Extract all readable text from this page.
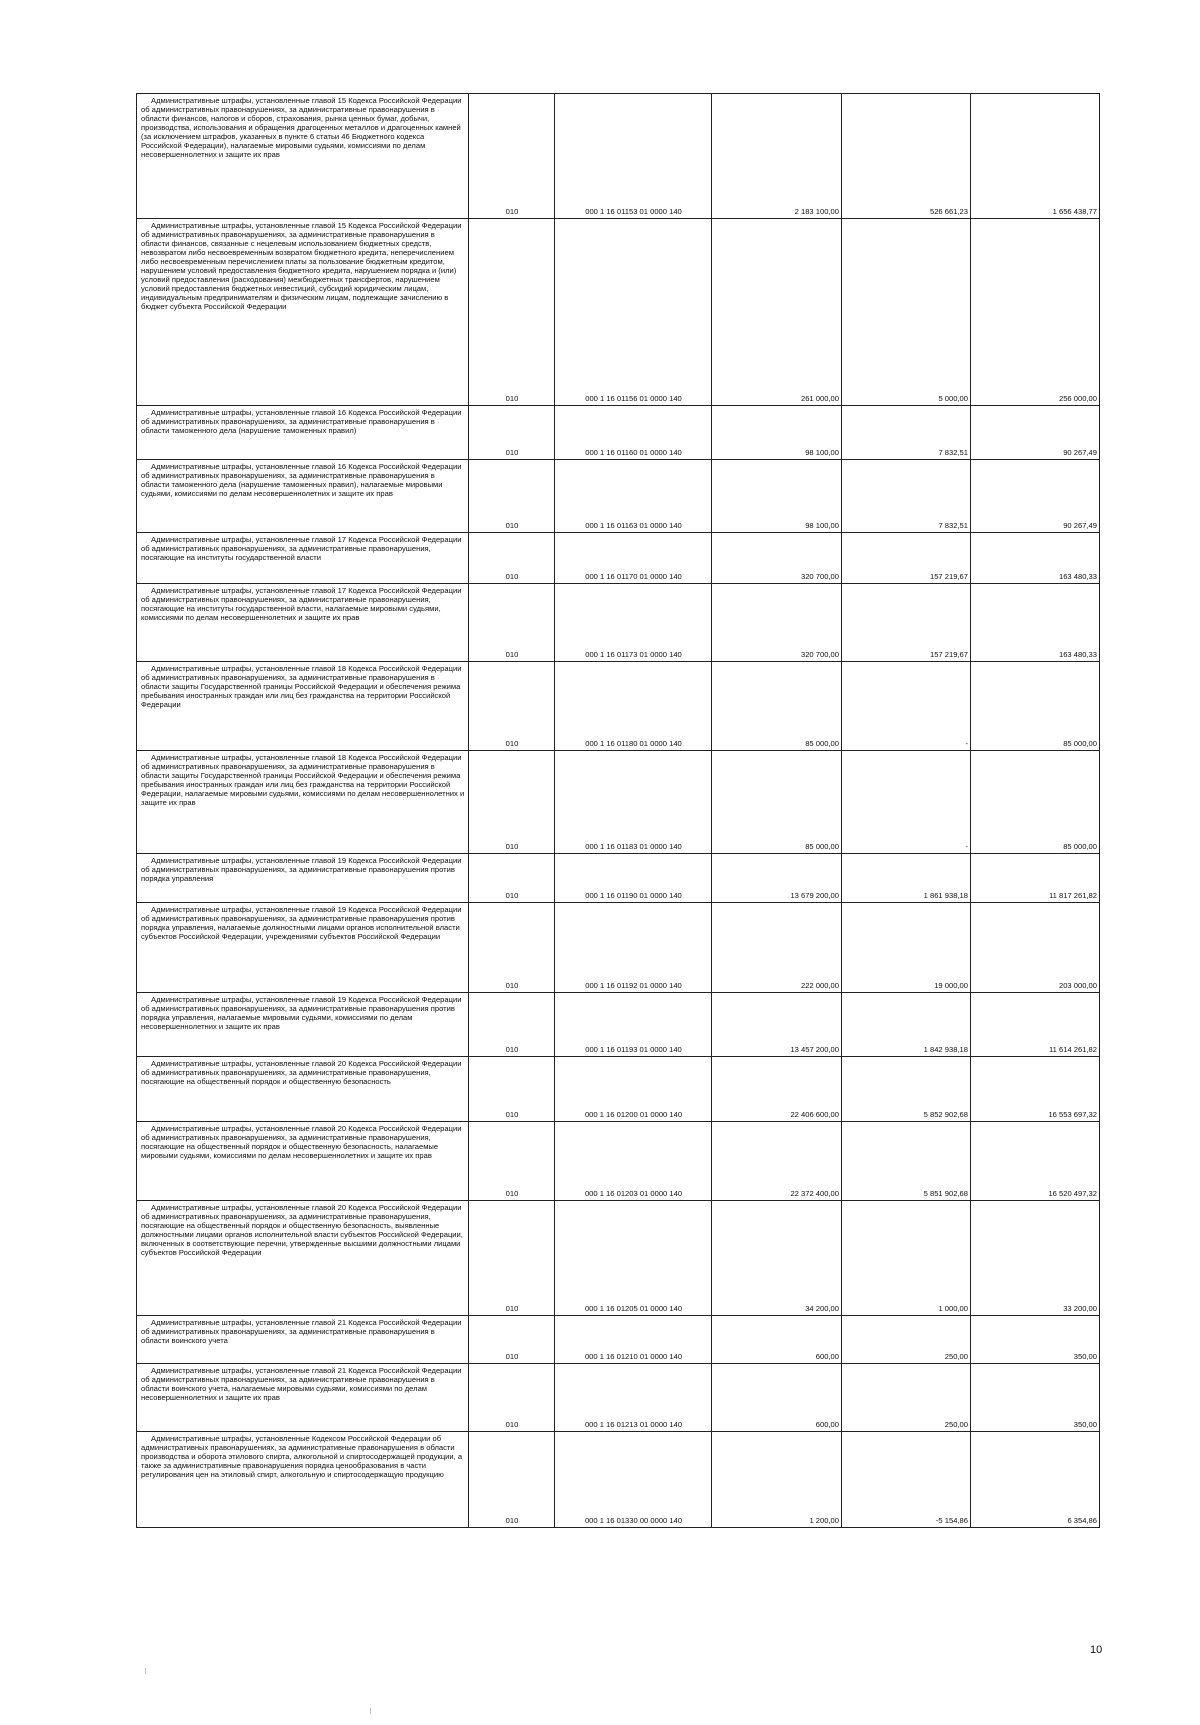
Административные штрафы, установленные главой 15 Кодекса Российской Федерации об административных правонарушениях, за административные правонарушения в области финансов, налогов и сборов, страхования, рынка ценных бумаг, добычи, производства, использования и обращения драгоценных металлов и драгоценных камней (за исключением штрафов, указанных в пункте 6 статьи 46 Бюджетного кодекса Российской Федерации), налагаемые мировыми судьями, комиссиями по делам несовершеннолетних и защите их прав	010	000 1 16 01153 01 0000 140	2 183 100,00	526 661,23	1 656 438,77
Административные штрафы, установленные главой 15 Кодекса Российской Федерации об административных правонарушениях, за административные правонарушения в области финансов, связанные с нецелевым использованием бюджетных средств, невозвратом либо несвоевременным возвратом бюджетного кредита, неперечислением либо несвоевременным перечислением платы за пользование бюджетным кредитом, нарушением условий предоставления бюджетного кредита, нарушением порядка и (или) условий предоставления (расходования) межбюджетных трансфертов, нарушением условий предоставления бюджетных инвестиций, субсидий юридическим лицам, индивидуальным предпринимателям и физическим лицам, подлежащие зачислению в бюджет субъекта Российской Федерации	010	000 1 16 01156 01 0000 140	261 000,00	5 000,00	256 000,00
Административные штрафы, установленные главой 16 Кодекса Российской Федерации об административных правонарушениях, за административные правонарушения в области таможенного дела (нарушение таможенных правил)	010	000 1 16 01160 01 0000 140	98 100,00	7 832,51	90 267,49
Административные штрафы, установленные главой 16 Кодекса Российской Федерации об административных правонарушениях, за административные правонарушения в области таможенного дела (нарушение таможенных правил), налагаемые мировыми судьями, комиссиями по делам несовершеннолетних и защите их прав	010	000 1 16 01163 01 0000 140	98 100,00	7 832,51	90 267,49
Административные штрафы, установленные главой 17 Кодекса Российской Федерации об административных правонарушениях, за административные правонарушения, посягающие на институты государственной власти	010	000 1 16 01170 01 0000 140	320 700,00	157 219,67	163 480,33
Административные штрафы, установленные главой 17 Кодекса Российской Федерации об административных правонарушениях, за административные правонарушения, посягающие на институты государственной власти, налагаемые мировыми судьями, комиссиями по делам несовершеннолетних и защите их прав	010	000 1 16 01173 01 0000 140	320 700,00	157 219,67	163 480,33
Административные штрафы, установленные главой 18 Кодекса Российской Федерации об административных правонарушениях, за административные правонарушения в области защиты Государственной границы Российской Федерации и обеспечения режима пребывания иностранных граждан или лиц без гражданства на территории Российской Федерации	010	000 1 16 01180 01 0000 140	85 000,00	-	85 000,00
Административные штрафы, установленные главой 18 Кодекса Российской Федерации об административных правонарушениях, за административные правонарушения в области защиты Государственной границы Российской Федерации и обеспечения режима пребывания иностранных граждан или лиц без гражданства на территории Российской Федерации, налагаемые мировыми судьями, комиссиями по делам несовершеннолетних и защите их прав	010	000 1 16 01183 01 0000 140	85 000,00	-	85 000,00
Административные штрафы, установленные главой 19 Кодекса Российской Федерации об административных правонарушениях, за административные правонарушения против порядка управления	010	000 1 16 01190 01 0000 140	13 679 200,00	1 861 938,18	11 817 261,82
Административные штрафы, установленные главой 19 Кодекса Российской Федерации об административных правонарушениях, за административные правонарушения против порядка управления, налагаемые должностными лицами органов исполнительной власти субъектов Российской Федерации, учреждениями субъектов Российской Федерации	010	000 1 16 01192 01 0000 140	222 000,00	19 000,00	203 000,00
Административные штрафы, установленные главой 19 Кодекса Российской Федерации об административных правонарушениях, за административные правонарушения против порядка управления, налагаемые мировыми судьями, комиссиями по делам несовершеннолетних и защите их прав	010	000 1 16 01193 01 0000 140	13 457 200,00	1 842 938,18	11 614 261,82
Административные штрафы, установленные главой 20 Кодекса Российской Федерации об административных правонарушениях, за административные правонарушения, посягающие на общественный порядок и общественную безопасность	010	000 1 16 01200 01 0000 140	22 406 600,00	5 852 902,68	16 553 697,32
Административные штрафы, установленные главой 20 Кодекса Российской Федерации об административных правонарушениях, за административные правонарушения, посягающие на общественный порядок и общественную безопасность, налагаемые мировыми судьями, комиссиями по делам несовершеннолетних и защите их прав	010	000 1 16 01203 01 0000 140	22 372 400,00	5 851 902,68	16 520 497,32
Административные штрафы, установленные главой 20 Кодекса Российской Федерации об административных правонарушениях, за административные правонарушения, посягающие на общественный порядок и общественную безопасность, выявленные должностными лицами органов исполнительной власти субъектов Российской Федерации, включенных в соответствующие перечни, утвержденные высшими должностными лицами субъектов Российской Федерации	010	000 1 16 01205 01 0000 140	34 200,00	1 000,00	33 200,00
Административные штрафы, установленные главой 21 Кодекса Российской Федерации об административных правонарушениях, за административные правонарушения в области воинского учета	010	000 1 16 01210 01 0000 140	600,00	250,00	350,00
Административные штрафы, установленные главой 21 Кодекса Российской Федерации об административных правонарушениях, за административные правонарушения в области воинского учета, налагаемые мировыми судьями, комиссиями по делам несовершеннолетних и защите их прав	010	000 1 16 01213 01 0000 140	600,00	250,00	350,00
Административные штрафы, установленные Кодексом Российской Федерации об административных правонарушениях, за административные правонарушения в области производства и оборота этилового спирта, алкогольной и спиртосодержащей продукции, а также за административные правонарушения порядка ценообразования в части регулирования цен на этиловый спирт, алкогольную и спиртосодержащую продукцию	010	000 1 16 01330 00 0000 140	1 200,00	-5 154,86	6 354,86
10
